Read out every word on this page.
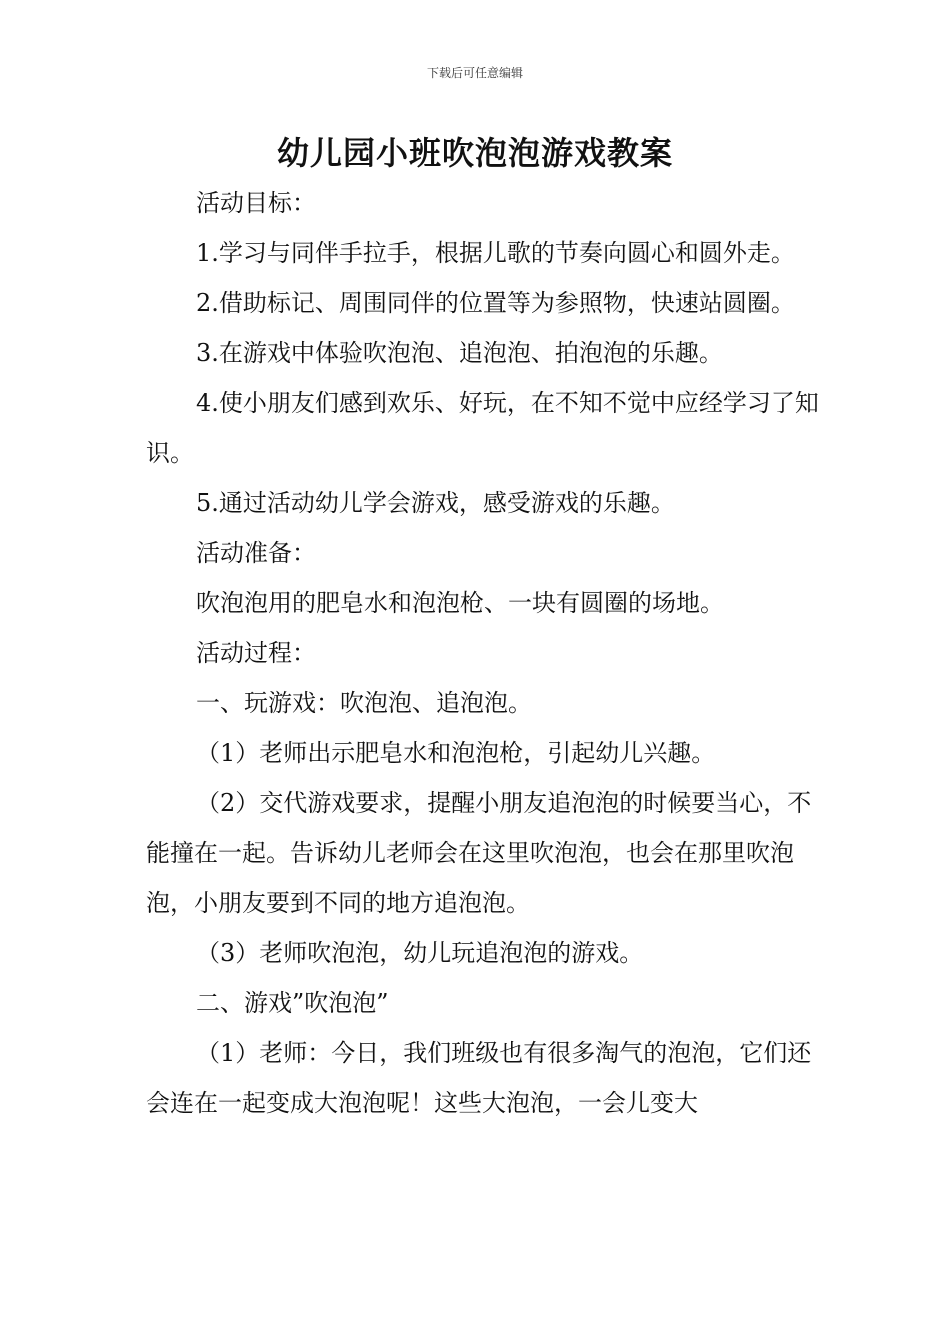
下载后可任意编辑
幼儿园小班吹泡泡游戏教案

活动目标：

1.学习与同伴手拉手，根据儿歌的节奏向圆心和圆外走。

2.借助标记、周围同伴的位置等为参照物，快速站圆圈。

3.在游戏中体验吹泡泡、追泡泡、拍泡泡的乐趣。

4.使小朋友们感到欢乐、好玩，在不知不觉中应经学习了知识。

5.通过活动幼儿学会游戏，感受游戏的乐趣。

活动准备：

吹泡泡用的肥皂水和泡泡枪、一块有圆圈的场地。

活动过程：

一、玩游戏：吹泡泡、追泡泡。

（1）老师出示肥皂水和泡泡枪，引起幼儿兴趣。

（2）交代游戏要求，提醒小朋友追泡泡的时候要当心，不能撞在一起。告诉幼儿老师会在这里吹泡泡，也会在那里吹泡泡，小朋友要到不同的地方追泡泡。

（3）老师吹泡泡，幼儿玩追泡泡的游戏。

二、游戏”吹泡泡”

（1）老师：今日，我们班级也有很多淘气的泡泡，它们还会连在一起变成大泡泡呢！这些大泡泡，一会儿变大
